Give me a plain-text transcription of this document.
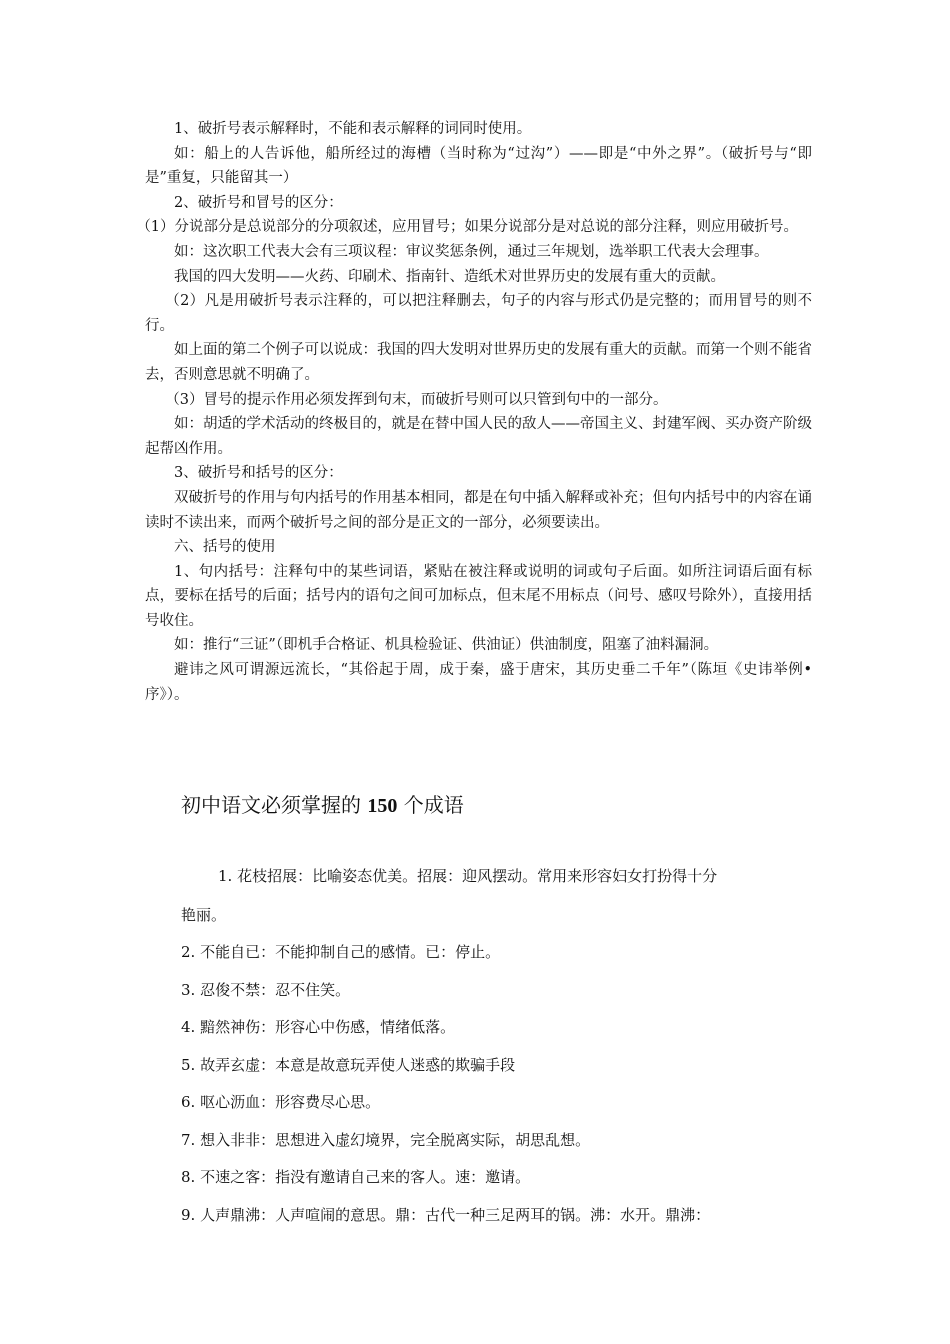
1、破折号表示解释时，不能和表示解释的词同时使用。

如：船上的人告诉他，船所经过的海槽（当时称为“过沟”）——即是“中外之界”。（破折号与“即是”重复，只能留其一）

2、破折号和冒号的区分：

（1）分说部分是总说部分的分项叙述，应用冒号；如果分说部分是对总说的部分注释，则应用破折号。

如：这次职工代表大会有三项议程：审议奖惩条例，通过三年规划，选举职工代表大会理事。

我国的四大发明——火药、印刷术、指南针、造纸术对世界历史的发展有重大的贡献。

（2）凡是用破折号表示注释的，可以把注释删去，句子的内容与形式仍是完整的；而用冒号的则不行。

如上面的第二个例子可以说成：我国的四大发明对世界历史的发展有重大的贡献。而第一个则不能省去，否则意思就不明确了。

（3）冒号的提示作用必须发挥到句末，而破折号则可以只管到句中的一部分。

如：胡适的学术活动的终极目的，就是在替中国人民的敌人——帝国主义、封建军阀、买办资产阶级起帮凶作用。

3、破折号和括号的区分：

双破折号的作用与句内括号的作用基本相同，都是在句中插入解释或补充；但句内括号中的内容在诵读时不读出来，而两个破折号之间的部分是正文的一部分，必须要读出。

六、括号的使用

1、句内括号：注释句中的某些词语，紧贴在被注释或说明的词或句子后面。如所注词语后面有标点，要标在括号的后面；括号内的语句之间可加标点，但末尾不用标点（问号、感叹号除外），直接用括号收住。

如：推行“三证”（即机手合格证、机具检验证、供油证）供油制度，阻塞了油料漏洞。

避讳之风可谓源远流长，“其俗起于周，成于秦，盛于唐宋，其历史垂二千年”（陈垣《史讳举例•序》）。

初中语文必须掌握的 150 个成语
1. 花枝招展：比喻姿态优美。招展：迎风摆动。常用来形容妇女打扮得十分
艳丽。
2. 不能自已：不能抑制自己的感情。已：停止。
3. 忍俊不禁：忍不住笑。
4. 黯然神伤：形容心中伤感，情绪低落。
5. 故弄玄虚：本意是故意玩弄使人迷惑的欺骗手段
6. 呕心沥血：形容费尽心思。
7. 想入非非：思想进入虚幻境界，完全脱离实际，胡思乱想。
8. 不速之客：指没有邀请自己来的客人。速：邀请。
9. 人声鼎沸：人声喧闹的意思。鼎：古代一种三足两耳的锅。沸：水开。鼎沸：
